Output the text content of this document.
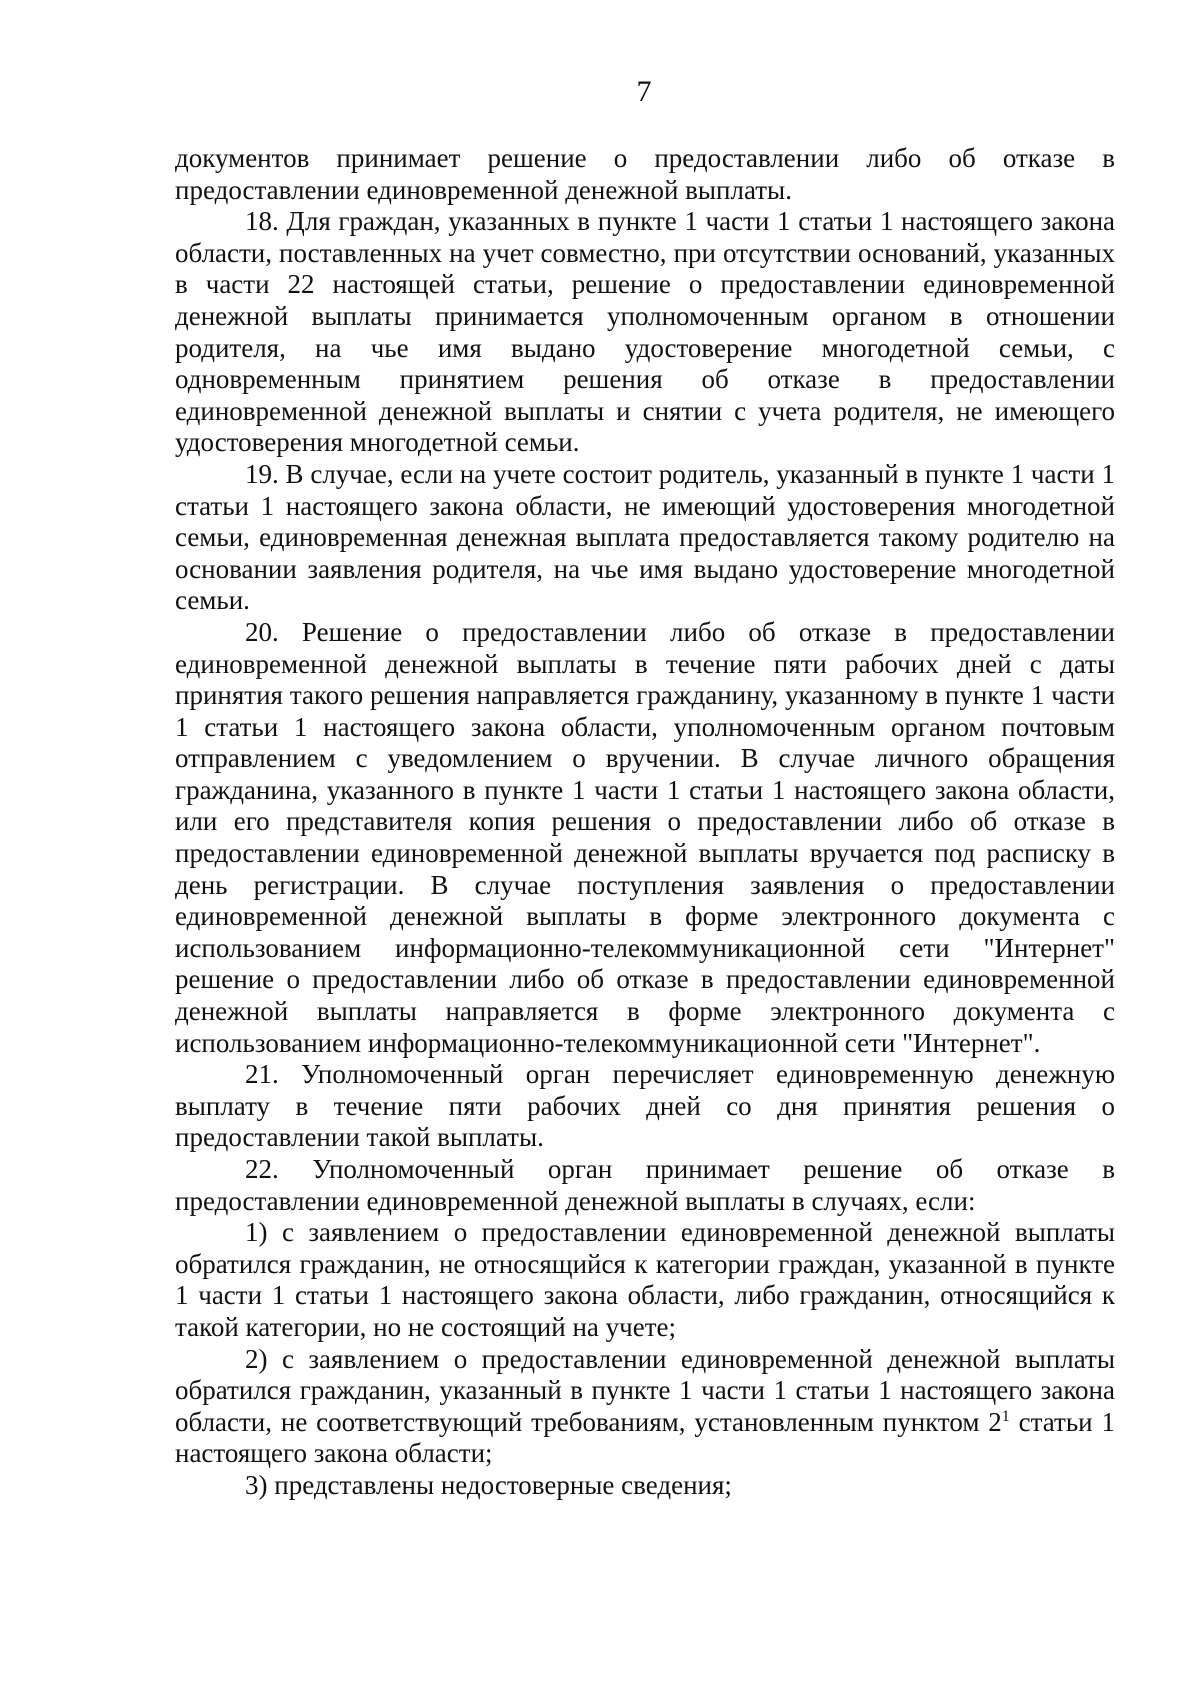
7

документов принимает решение о предоставлении либо об отказе в предоставлении единовременной денежной выплаты.

18. Для граждан, указанных в пункте 1 части 1 статьи 1 настоящего закона области, поставленных на учет совместно, при отсутствии оснований, указанных в части 22 настоящей статьи, решение о предоставлении единовременной денежной выплаты принимается уполномоченным органом в отношении родителя, на чье имя выдано удостоверение многодетной семьи, с одновременным принятием решения об отказе в предоставлении единовременной денежной выплаты и снятии с учета родителя, не имеющего удостоверения многодетной семьи.

19. В случае, если на учете состоит родитель, указанный в пункте 1 части 1 статьи 1 настоящего закона области, не имеющий удостоверения многодетной семьи, единовременная денежная выплата предоставляется такому родителю на основании заявления родителя, на чье имя выдано удостоверение многодетной семьи.

20. Решение о предоставлении либо об отказе в предоставлении единовременной денежной выплаты в течение пяти рабочих дней с даты принятия такого решения направляется гражданину, указанному в пункте 1 части 1 статьи 1 настоящего закона области, уполномоченным органом почтовым отправлением с уведомлением о вручении. В случае личного обращения гражданина, указанного в пункте 1 части 1 статьи 1 настоящего закона области, или его представителя копия решения о предоставлении либо об отказе в предоставлении единовременной денежной выплаты вручается под расписку в день регистрации. В случае поступления заявления о предоставлении единовременной денежной выплаты в форме электронного документа с использованием информационно-телекоммуникационной сети "Интернет" решение о предоставлении либо об отказе в предоставлении единовременной денежной выплаты направляется в форме электронного документа с использованием информационно-телекоммуникационной сети "Интернет".

21. Уполномоченный орган перечисляет единовременную денежную выплату в течение пяти рабочих дней со дня принятия решения о предоставлении такой выплаты.

22. Уполномоченный орган принимает решение об отказе в предоставлении единовременной денежной выплаты в случаях, если:

1) с заявлением о предоставлении единовременной денежной выплаты обратился гражданин, не относящийся к категории граждан, указанной в пункте 1 части 1 статьи 1 настоящего закона области, либо гражданин, относящийся к такой категории, но не состоящий на учете;

2) с заявлением о предоставлении единовременной денежной выплаты обратился гражданин, указанный в пункте 1 части 1 статьи 1 настоящего закона области, не соответствующий требованиям, установленным пунктом $2^1$ статьи 1 настоящего закона области;

3) представлены недостоверные сведения;
